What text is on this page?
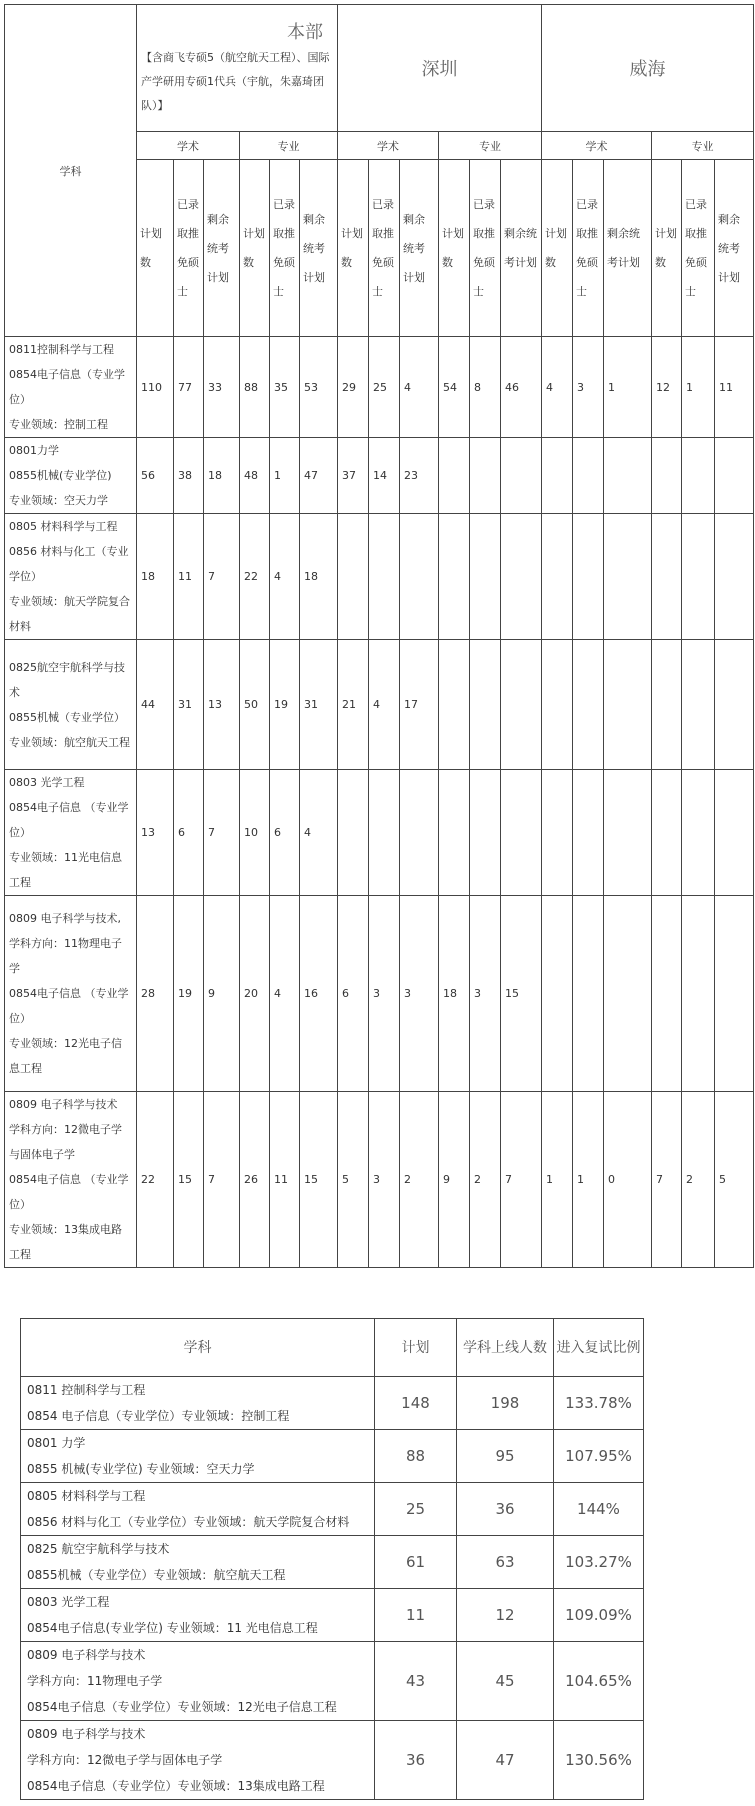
学科	本部
【含商飞专硕5（航空航天工程）、国际产学研用专硕1代兵（宇航，朱嘉琦团队）】						深圳						威海					
	学术			专业			学术			专业			学术			专业		
	计划数	已录取推免硕士	剩余统考计划	计划数	已录取推免硕士	剩余统考计划	计划数	已录取推免硕士	剩余统考计划	计划数	已录取推免硕士	剩余统考计划	计划数	已录取推免硕士	剩余统考计划	计划数	已录取推免硕士	剩余统考计划

0811控制科学与工程
0854电子信息（专业学位）
专业领域：控制工程	110	77	33	88	35	53	29	25	4	54	8	46	4	3	1	12	1	11

0801力学
0855机械(专业学位)
专业领域：空天力学	56	38	18	48	1	47	37	14	23									

0805 材料科学与工程
0856 材料与化工（专业学位）
专业领域：航天学院复合材料	18	11	7	22	4	18												

0825航空宇航科学与技术
0855机械（专业学位）
专业领域：航空航天工程	44	31	13	50	19	31	21	4	17									

0803 光学工程
0854电子信息 （专业学位）
专业领域：11光电信息工程	13	6	7	10	6	4												

0809 电子科学与技术,
学科方向：11物理电子学
0854电子信息 （专业学位）
专业领域：12光电子信息工程	28	19	9	20	4	16	6	3	3	18	3	15						

0809 电子科学与技术
学科方向：12微电子学与固体电子学
0854电子信息 （专业学位）
专业领域：13集成电路工程	22	15	7	26	11	15	5	3	2	9	2	7	1	1	0	7	2	5
学科	计划	学科上线人数	进入复试比例

0811 控制科学与工程
0854 电子信息（专业学位）专业领域：控制工程	148	198	133.78%

0801 力学
0855 机械(专业学位) 专业领域：空天力学	88	95	107.95%

0805 材料科学与工程
0856 材料与化工（专业学位）专业领域：航天学院复合材料	25	36	144%

0825 航空宇航科学与技术
0855机械（专业学位）专业领域：航空航天工程	61	63	103.27%

0803 光学工程
0854电子信息(专业学位) 专业领域：11 光电信息工程	11	12	109.09%

0809 电子科学与技术
学科方向：11物理电子学
0854电子信息（专业学位）专业领域：12光电子信息工程	43	45	104.65%

0809 电子科学与技术
学科方向：12微电子学与固体电子学
0854电子信息（专业学位）专业领域：13集成电路工程	36	47	130.56%
